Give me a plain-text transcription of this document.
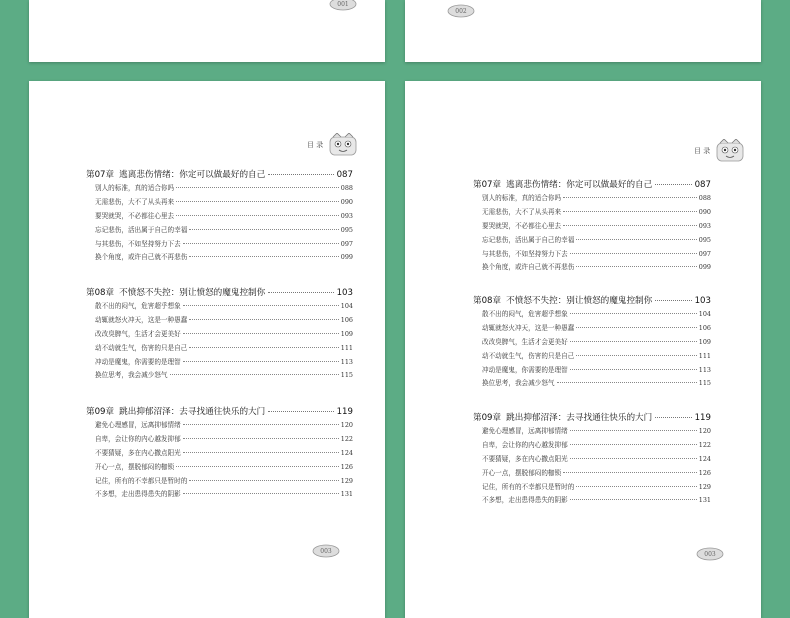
001
002
目 录
第07章 逃离悲伤情绪：你定可以做最好的自己	087
别人的标准，真的适合你吗	088
无需悲伤，大不了从头再来	090
要哭就哭，不必都往心里去	093
忘记悲伤，活出属于自己的幸福	095
与其悲伤，不如坚持努力下去	097
换个角度，或许自己就不再悲伤	099
第08章 不愤怒不失控：别让愤怒的魔鬼控制你	103
散不出的闷气，危害超乎想象	104
动辄就怒火冲天，这是一种愚蠢	106
改改臭脾气，生活才会更美好	109
动不动就生气，伤害的只是自己	111
冲动是魔鬼，你需要的是理智	113
换位思考，我会减少怒气	115
第09章 跳出抑郁沼泽：去寻找通往快乐的大门	119
避免心理感冒，远离抑郁情绪	120
自卑，会让你的内心越发抑郁	122
不要猜疑，多在内心撒点阳光	124
开心一点，摆脱郁闷的枷锁	126
记住，所有的不幸都只是暂时的	129
不多想，走出患得患失的阴影	131
003
目 录
第07章 逃离悲伤情绪：你定可以做最好的自己	087
别人的标准，真的适合你吗	088
无需悲伤，大不了从头再来	090
要哭就哭，不必都往心里去	093
忘记悲伤，活出属于自己的幸福	095
与其悲伤，不如坚持努力下去	097
换个角度，或许自己就不再悲伤	099
第08章 不愤怒不失控：别让愤怒的魔鬼控制你	103
散不出的闷气，危害超乎想象	104
动辄就怒火冲天，这是一种愚蠢	106
改改臭脾气，生活才会更美好	109
动不动就生气，伤害的只是自己	111
冲动是魔鬼，你需要的是理智	113
换位思考，我会减少怒气	115
第09章 跳出抑郁沼泽：去寻找通往快乐的大门	119
避免心理感冒，远离抑郁情绪	120
自卑，会让你的内心越发抑郁	122
不要猜疑，多在内心撒点阳光	124
开心一点，摆脱郁闷的枷锁	126
记住，所有的不幸都只是暂时的	129
不多想，走出患得患失的阴影	131
003
